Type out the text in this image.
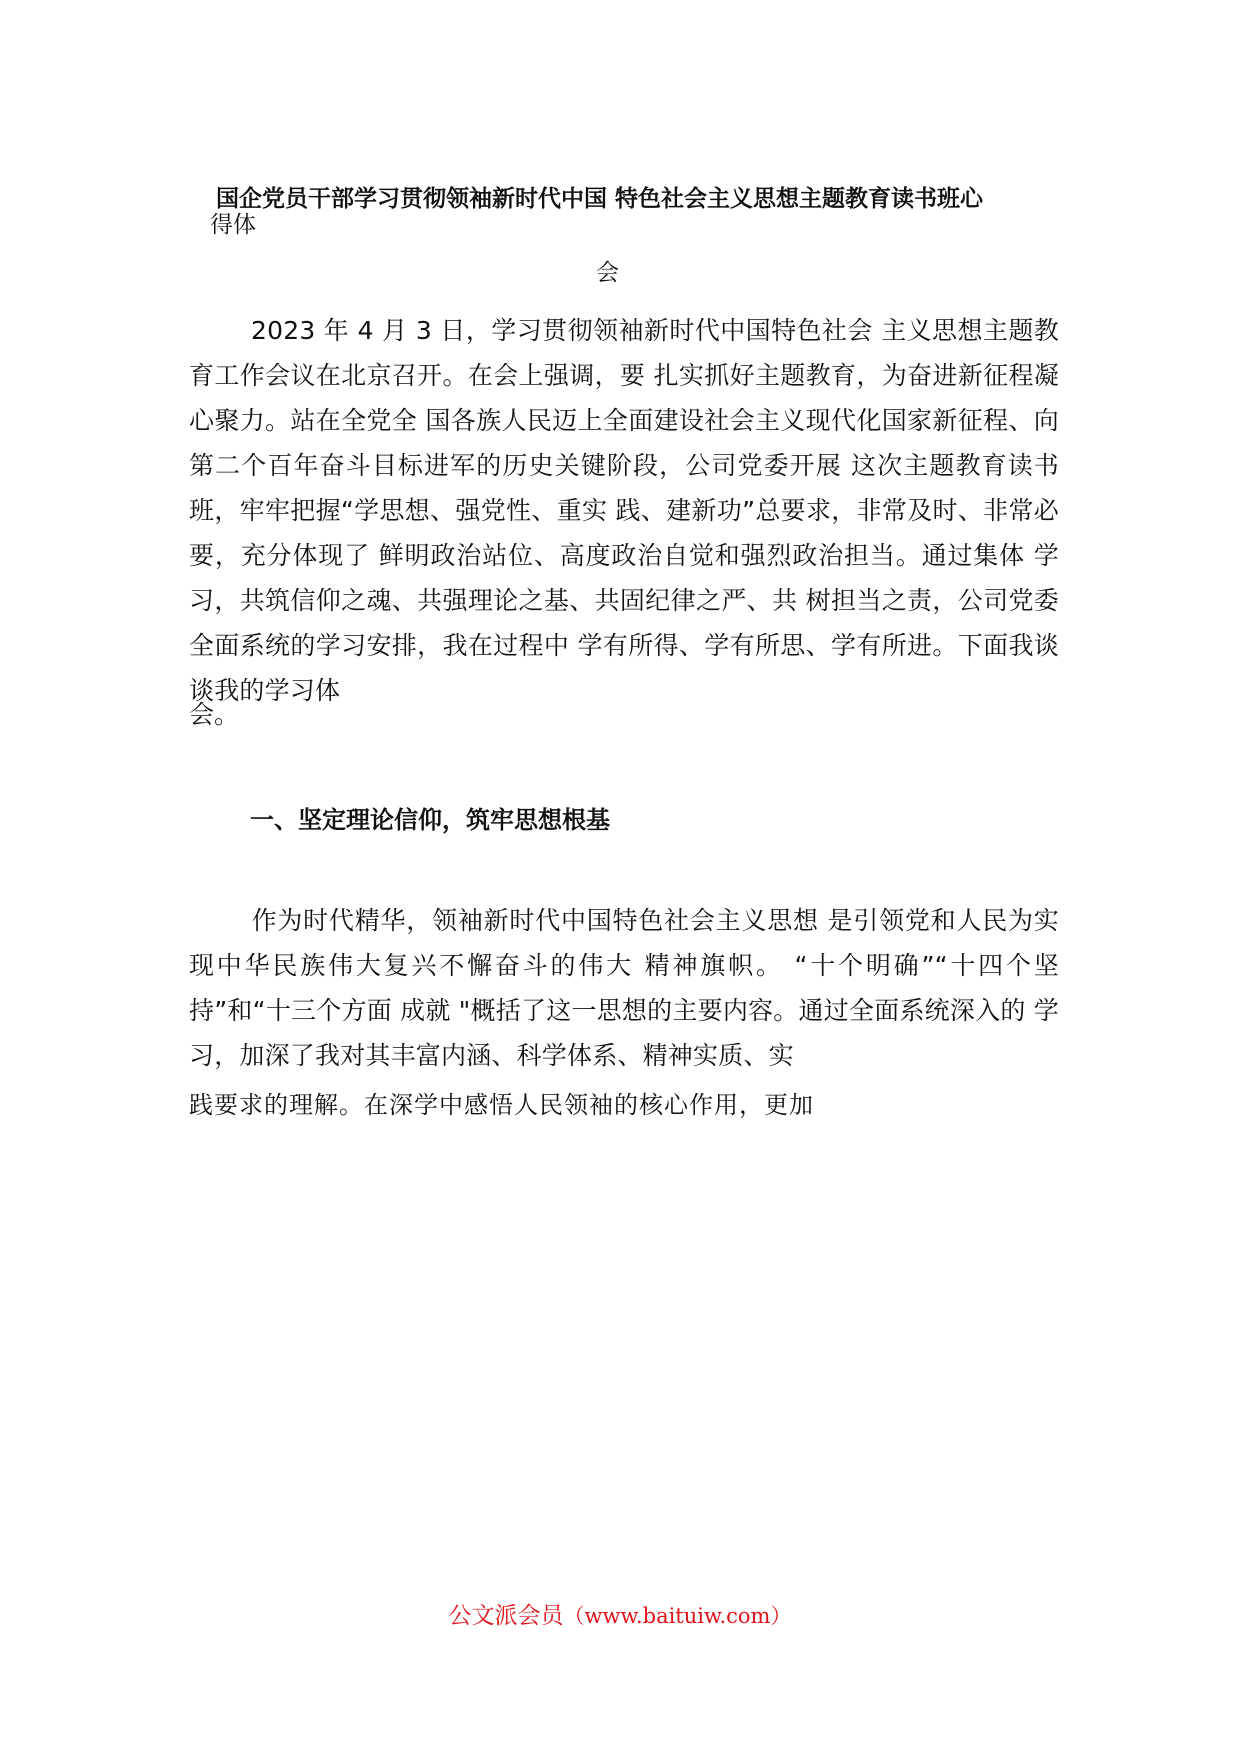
国企党员干部学习贯彻领袖新时代中国 特色社会主义思想主题教育读书班心
得体
会
2023 年 4 月 3 日，学习贯彻领袖新时代中国特色社会 主义思想主题教育工作会议在北京召开。在会上强调，要 扎实抓好主题教育，为奋进新征程凝心聚力。站在全党全 国各族人民迈上全面建设社会主义现代化国家新征程、向 第二个百年奋斗目标进军的历史关键阶段，公司党委开展 这次主题教育读书班，牢牢把握“学思想、强党性、重实 践、建新功”总要求，非常及时、非常必要，充分体现了 鲜明政治站位、高度政治自觉和强烈政治担当。通过集体 学习，共筑信仰之魂、共强理论之基、共固纪律之严、共 树担当之责，公司党委全面系统的学习安排，我在过程中 学有所得、学有所思、学有所进。下面我谈谈我的学习体
会。
一、坚定理论信仰，筑牢思想根基
作为时代精华，领袖新时代中国特色社会主义思想 是引领党和人民为实现中华民族伟大复兴不懈奋斗的伟大 精神旗帜。 “十个明确”“十四个坚持”和“十三个方面 成就 "概括了这一思想的主要内容。通过全面系统深入的 学习，加深了我对其丰富内涵、科学体系、精神实质、实
践要求的理解。在深学中感悟人民领袖的核心作用，更加
公文派会员（www.baituiw.com）
